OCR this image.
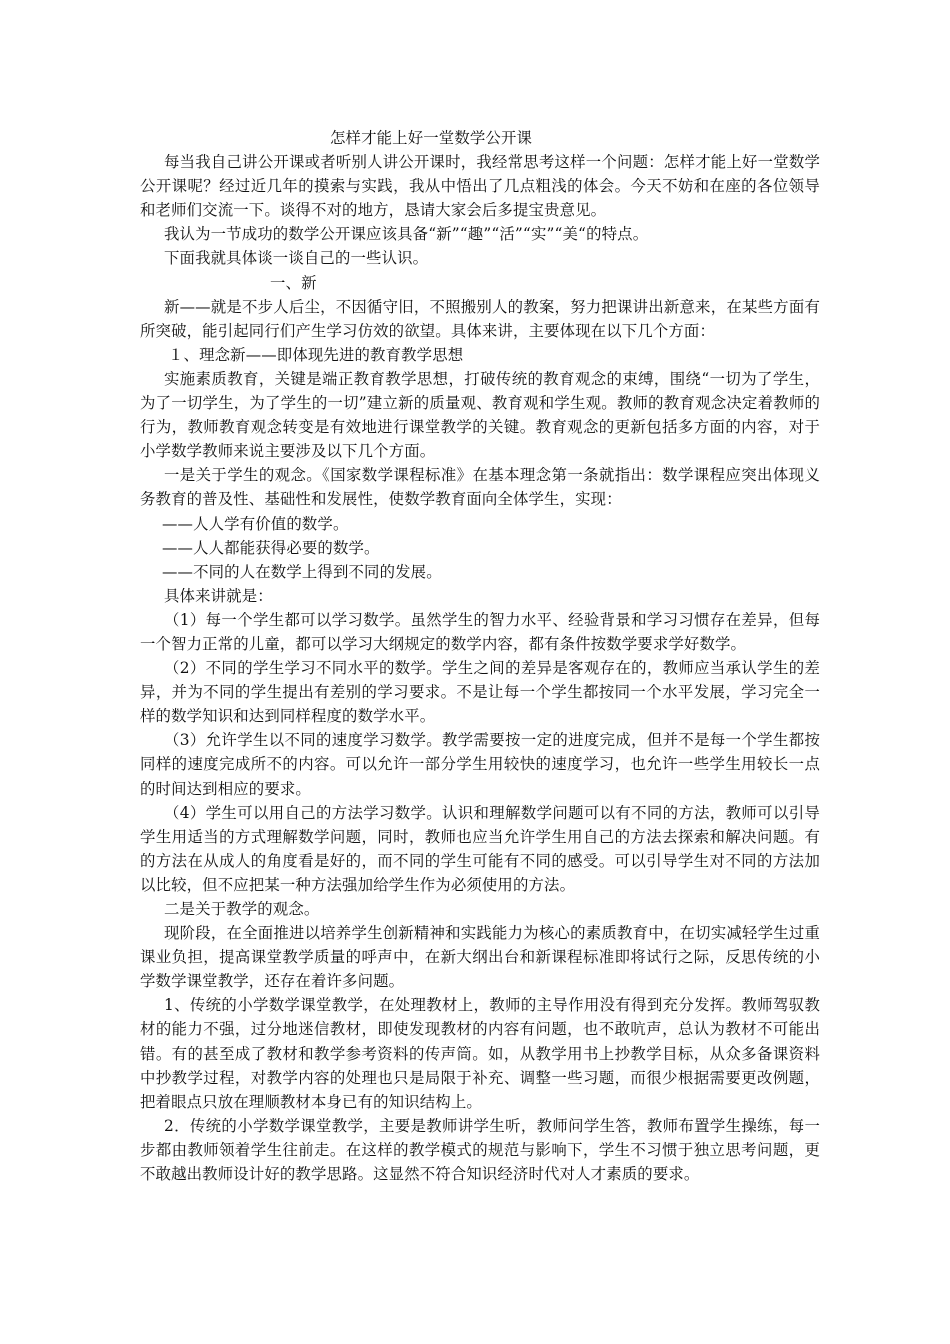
怎样才能上好一堂数学公开课

每当我自己讲公开课或者听别人讲公开课时，我经常思考这样一个问题：怎样才能上好一堂数学公开课呢？经过近几年的摸索与实践，我从中悟出了几点粗浅的体会。今天不妨和在座的各位领导和老师们交流一下。谈得不对的地方，恳请大家会后多提宝贵意见。

我认为一节成功的数学公开课应该具备“新”“趣”“活”“实”“美“的特点。

下面我就具体谈一谈自己的一些认识。

一、新

新——就是不步人后尘，不因循守旧，不照搬别人的教案，努力把课讲出新意来，在某些方面有所突破，能引起同行们产生学习仿效的欲望。具体来讲，主要体现在以下几个方面：

１、理念新——即体现先进的教育教学思想

实施素质教育，关键是端正教育教学思想，打破传统的教育观念的束缚，围绕“一切为了学生，为了一切学生，为了学生的一切”建立新的质量观、教育观和学生观。教师的教育观念决定着教师的行为，教师教育观念转变是有效地进行课堂教学的关键。教育观念的更新包括多方面的内容，对于小学数学教师来说主要涉及以下几个方面。

一是关于学生的观念。《国家数学课程标准》在基本理念第一条就指出：数学课程应突出体现义务教育的普及性、基础性和发展性，使数学教育面向全体学生，实现：

——人人学有价值的数学。

——人人都能获得必要的数学。

——不同的人在数学上得到不同的发展。

具体来讲就是：

（1）每一个学生都可以学习数学。虽然学生的智力水平、经验背景和学习习惯存在差异，但每一个智力正常的儿童，都可以学习大纲规定的数学内容，都有条件按数学要求学好数学。

（2）不同的学生学习不同水平的数学。学生之间的差异是客观存在的，教师应当承认学生的差异，并为不同的学生提出有差别的学习要求。不是让每一个学生都按同一个水平发展，学习完全一样的数学知识和达到同样程度的数学水平。

（3）允许学生以不同的速度学习数学。教学需要按一定的进度完成，但并不是每一个学生都按同样的速度完成所不的内容。可以允许一部分学生用较快的速度学习，也允许一些学生用较长一点的时间达到相应的要求。

（4）学生可以用自己的方法学习数学。认识和理解数学问题可以有不同的方法，教师可以引导学生用适当的方式理解数学问题，同时，教师也应当允许学生用自己的方法去探索和解决问题。有的方法在从成人的角度看是好的，而不同的学生可能有不同的感受。可以引导学生对不同的方法加以比较，但不应把某一种方法强加给学生作为必须使用的方法。

二是关于教学的观念。

现阶段，在全面推进以培养学生创新精神和实践能力为核心的素质教育中，在切实减轻学生过重课业负担，提高课堂教学质量的呼声中，在新大纲出台和新课程标准即将试行之际，反思传统的小学数学课堂教学，还存在着许多问题。

1、传统的小学数学课堂教学，在处理教材上，教师的主导作用没有得到充分发挥。教师驾驭教材的能力不强，过分地迷信教材，即使发现教材的内容有问题，也不敢吭声，总认为教材不可能出错。有的甚至成了教材和教学参考资料的传声筒。如，从教学用书上抄教学目标，从众多备课资料中抄教学过程，对教学内容的处理也只是局限于补充、调整一些习题，而很少根据需要更改例题，把着眼点只放在理顺教材本身已有的知识结构上。

2．传统的小学数学课堂教学，主要是教师讲学生听，教师问学生答，教师布置学生操练，每一步都由教师领着学生往前走。在这样的教学模式的规范与影响下，学生不习惯于独立思考问题，更不敢越出教师设计好的教学思路。这显然不符合知识经济时代对人才素质的要求。
